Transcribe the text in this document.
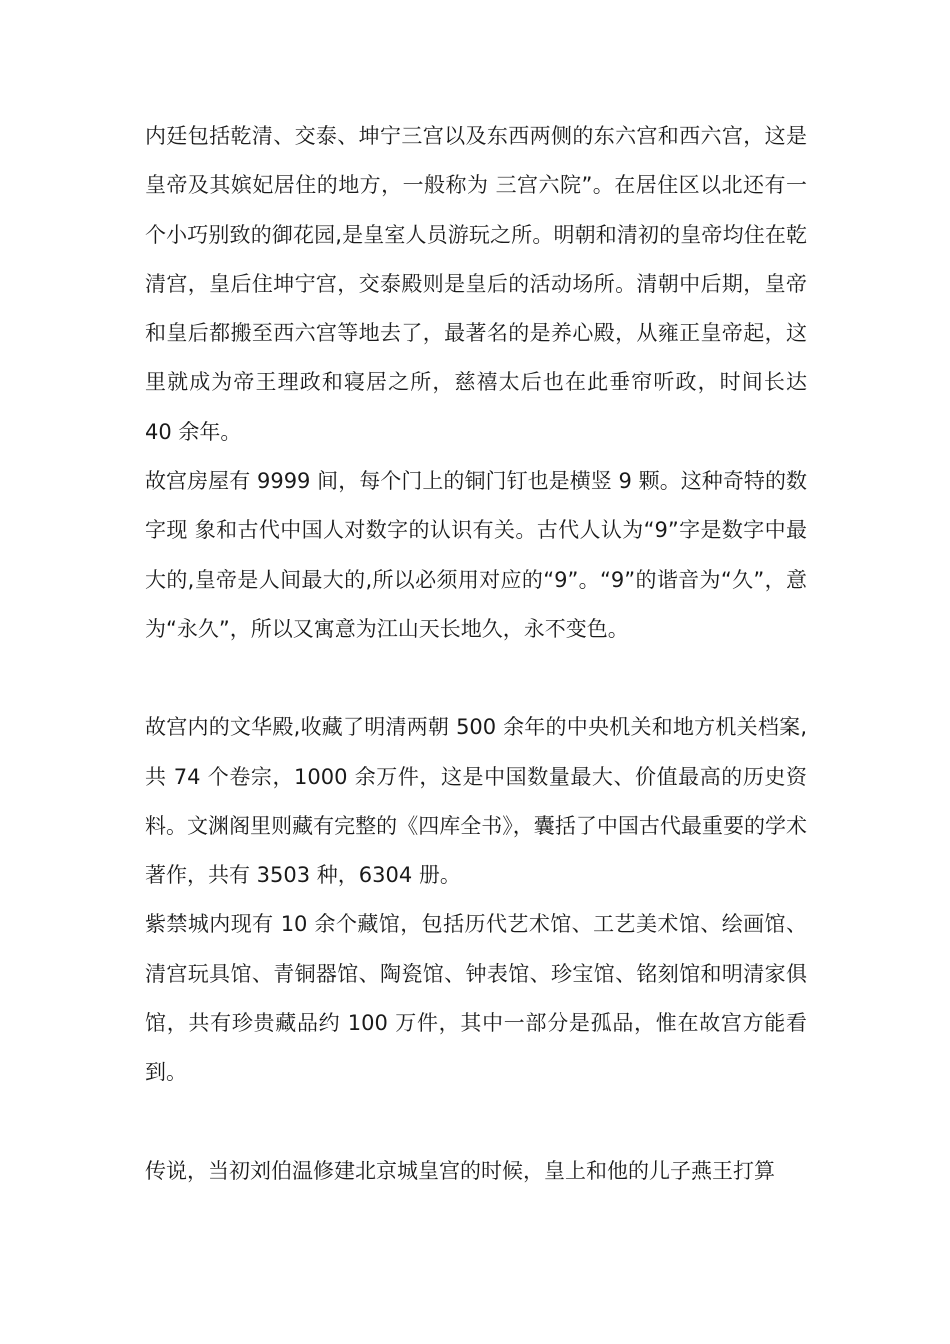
内廷包括乾清、交泰、坤宁三宫以及东西两侧的东六宫和西六宫，这是皇帝及其嫔妃居住的地方，一般称为 三宫六院”。在居住区以北还有一个小巧别致的御花园,是皇室人员游玩之所。明朝和清初的皇帝均住在乾清宫，皇后住坤宁宫，交泰殿则是皇后的活动场所。清朝中后期，皇帝和皇后都搬至西六宫等地去了，最著名的是养心殿，从雍正皇帝起，这里就成为帝王理政和寝居之所，慈禧太后也在此垂帘听政，时间长达 40 余年。

故宫房屋有 9999 间，每个门上的铜门钉也是横竖 9 颗。这种奇特的数字现 象和古代中国人对数字的认识有关。古代人认为“9”字是数字中最大的,皇帝是人间最大的,所以必须用对应的“9”。“9”的谐音为“久”，意为“永久”，所以又寓意为江山天长地久，永不变色。

故宫内的文华殿,收藏了明清两朝 500 余年的中央机关和地方机关档案,共 74 个卷宗，1000 余万件，这是中国数量最大、价值最高的历史资料。文渊阁里则藏有完整的《四库全书》，囊括了中国古代最重要的学术著作，共有 3503 种，6304 册。

紫禁城内现有 10 余个藏馆，包括历代艺术馆、工艺美术馆、绘画馆、清宫玩具馆、青铜器馆、陶瓷馆、钟表馆、珍宝馆、铭刻馆和明清家俱馆，共有珍贵藏品约 100 万件，其中一部分是孤品，惟在故宫方能看到。

传说，当初刘伯温修建北京城皇宫的时候，皇上和他的儿子燕王打算
